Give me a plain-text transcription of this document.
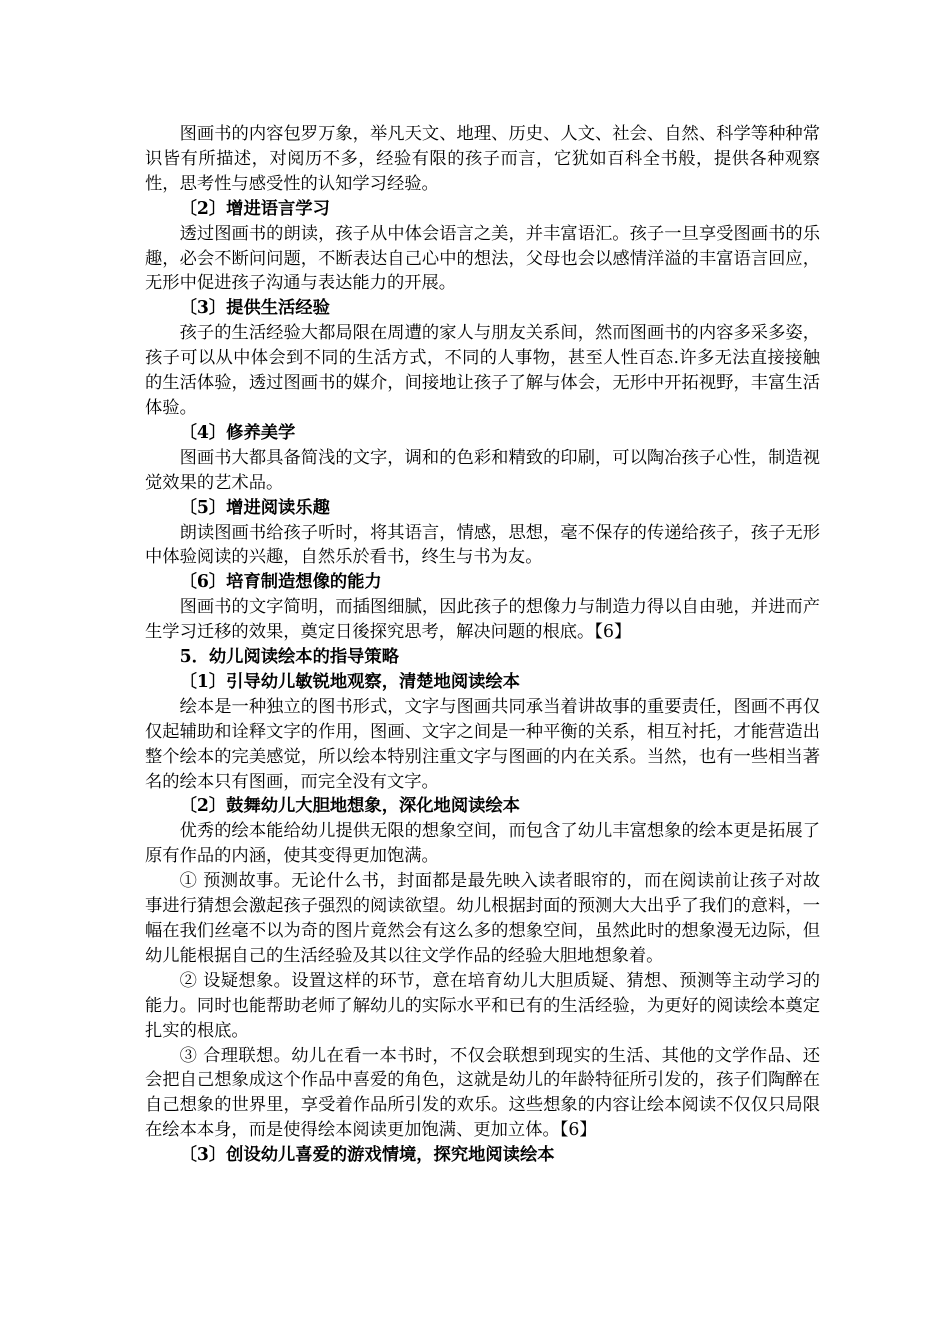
图画书的内容包罗万象，举凡天文、地理、历史、人文、社会、自然、科学等种种常识皆有所描述，对阅历不多，经验有限的孩子而言，它犹如百科全书般，提供各种观察性，思考性与感受性的认知学习经验。

〔2〕增进语言学习

透过图画书的朗读，孩子从中体会语言之美，并丰富语汇。孩子一旦享受图画书的乐趣，必会不断问问题，不断表达自己心中的想法，父母也会以感情洋溢的丰富语言回应，无形中促进孩子沟通与表达能力的开展。

〔3〕提供生活经验

孩子的生活经验大都局限在周遭的家人与朋友关系间，然而图画书的内容多采多姿，孩子可以从中体会到不同的生活方式，不同的人事物，甚至人性百态.许多无法直接接触的生活体验，透过图画书的媒介，间接地让孩子了解与体会，无形中开拓视野，丰富生活体验。

〔4〕修养美学

图画书大都具备简浅的文字，调和的色彩和精致的印刷，可以陶冶孩子心性，制造视觉效果的艺术品。

〔5〕增进阅读乐趣

朗读图画书给孩子听时，将其语言，情感，思想，毫不保存的传递给孩子，孩子无形中体验阅读的兴趣，自然乐於看书，终生与书为友。

〔6〕培育制造想像的能力

图画书的文字简明，而插图细腻，因此孩子的想像力与制造力得以自由驰，并进而产生学习迁移的效果，奠定日後探究思考，解决问题的根底。【6】

5．幼儿阅读绘本的指导策略

〔1〕引导幼儿敏锐地观察，清楚地阅读绘本

绘本是一种独立的图书形式，文字与图画共同承当着讲故事的重要责任，图画不再仅仅起辅助和诠释文字的作用，图画、文字之间是一种平衡的关系，相互衬托，才能营造出整个绘本的完美感觉，所以绘本特别注重文字与图画的内在关系。当然，也有一些相当著名的绘本只有图画，而完全没有文字。

〔2〕鼓舞幼儿大胆地想象，深化地阅读绘本

优秀的绘本能给幼儿提供无限的想象空间，而包含了幼儿丰富想象的绘本更是拓展了原有作品的内涵，使其变得更加饱满。

① 预测故事。无论什么书，封面都是最先映入读者眼帘的，而在阅读前让孩子对故事进行猜想会激起孩子强烈的阅读欲望。幼儿根据封面的预测大大出乎了我们的意料，一幅在我们丝毫不以为奇的图片竟然会有这么多的想象空间，虽然此时的想象漫无边际，但幼儿能根据自己的生活经验及其以往文学作品的经验大胆地想象着。

② 设疑想象。设置这样的环节，意在培育幼儿大胆质疑、猜想、预测等主动学习的能力。同时也能帮助老师了解幼儿的实际水平和已有的生活经验，为更好的阅读绘本奠定扎实的根底。

③ 合理联想。幼儿在看一本书时，不仅会联想到现实的生活、其他的文学作品、还会把自己想象成这个作品中喜爱的角色，这就是幼儿的年龄特征所引发的，孩子们陶醉在自己想象的世界里，享受着作品所引发的欢乐。这些想象的内容让绘本阅读不仅仅只局限在绘本本身，而是使得绘本阅读更加饱满、更加立体。【6】

〔3〕创设幼儿喜爱的游戏情境，探究地阅读绘本
